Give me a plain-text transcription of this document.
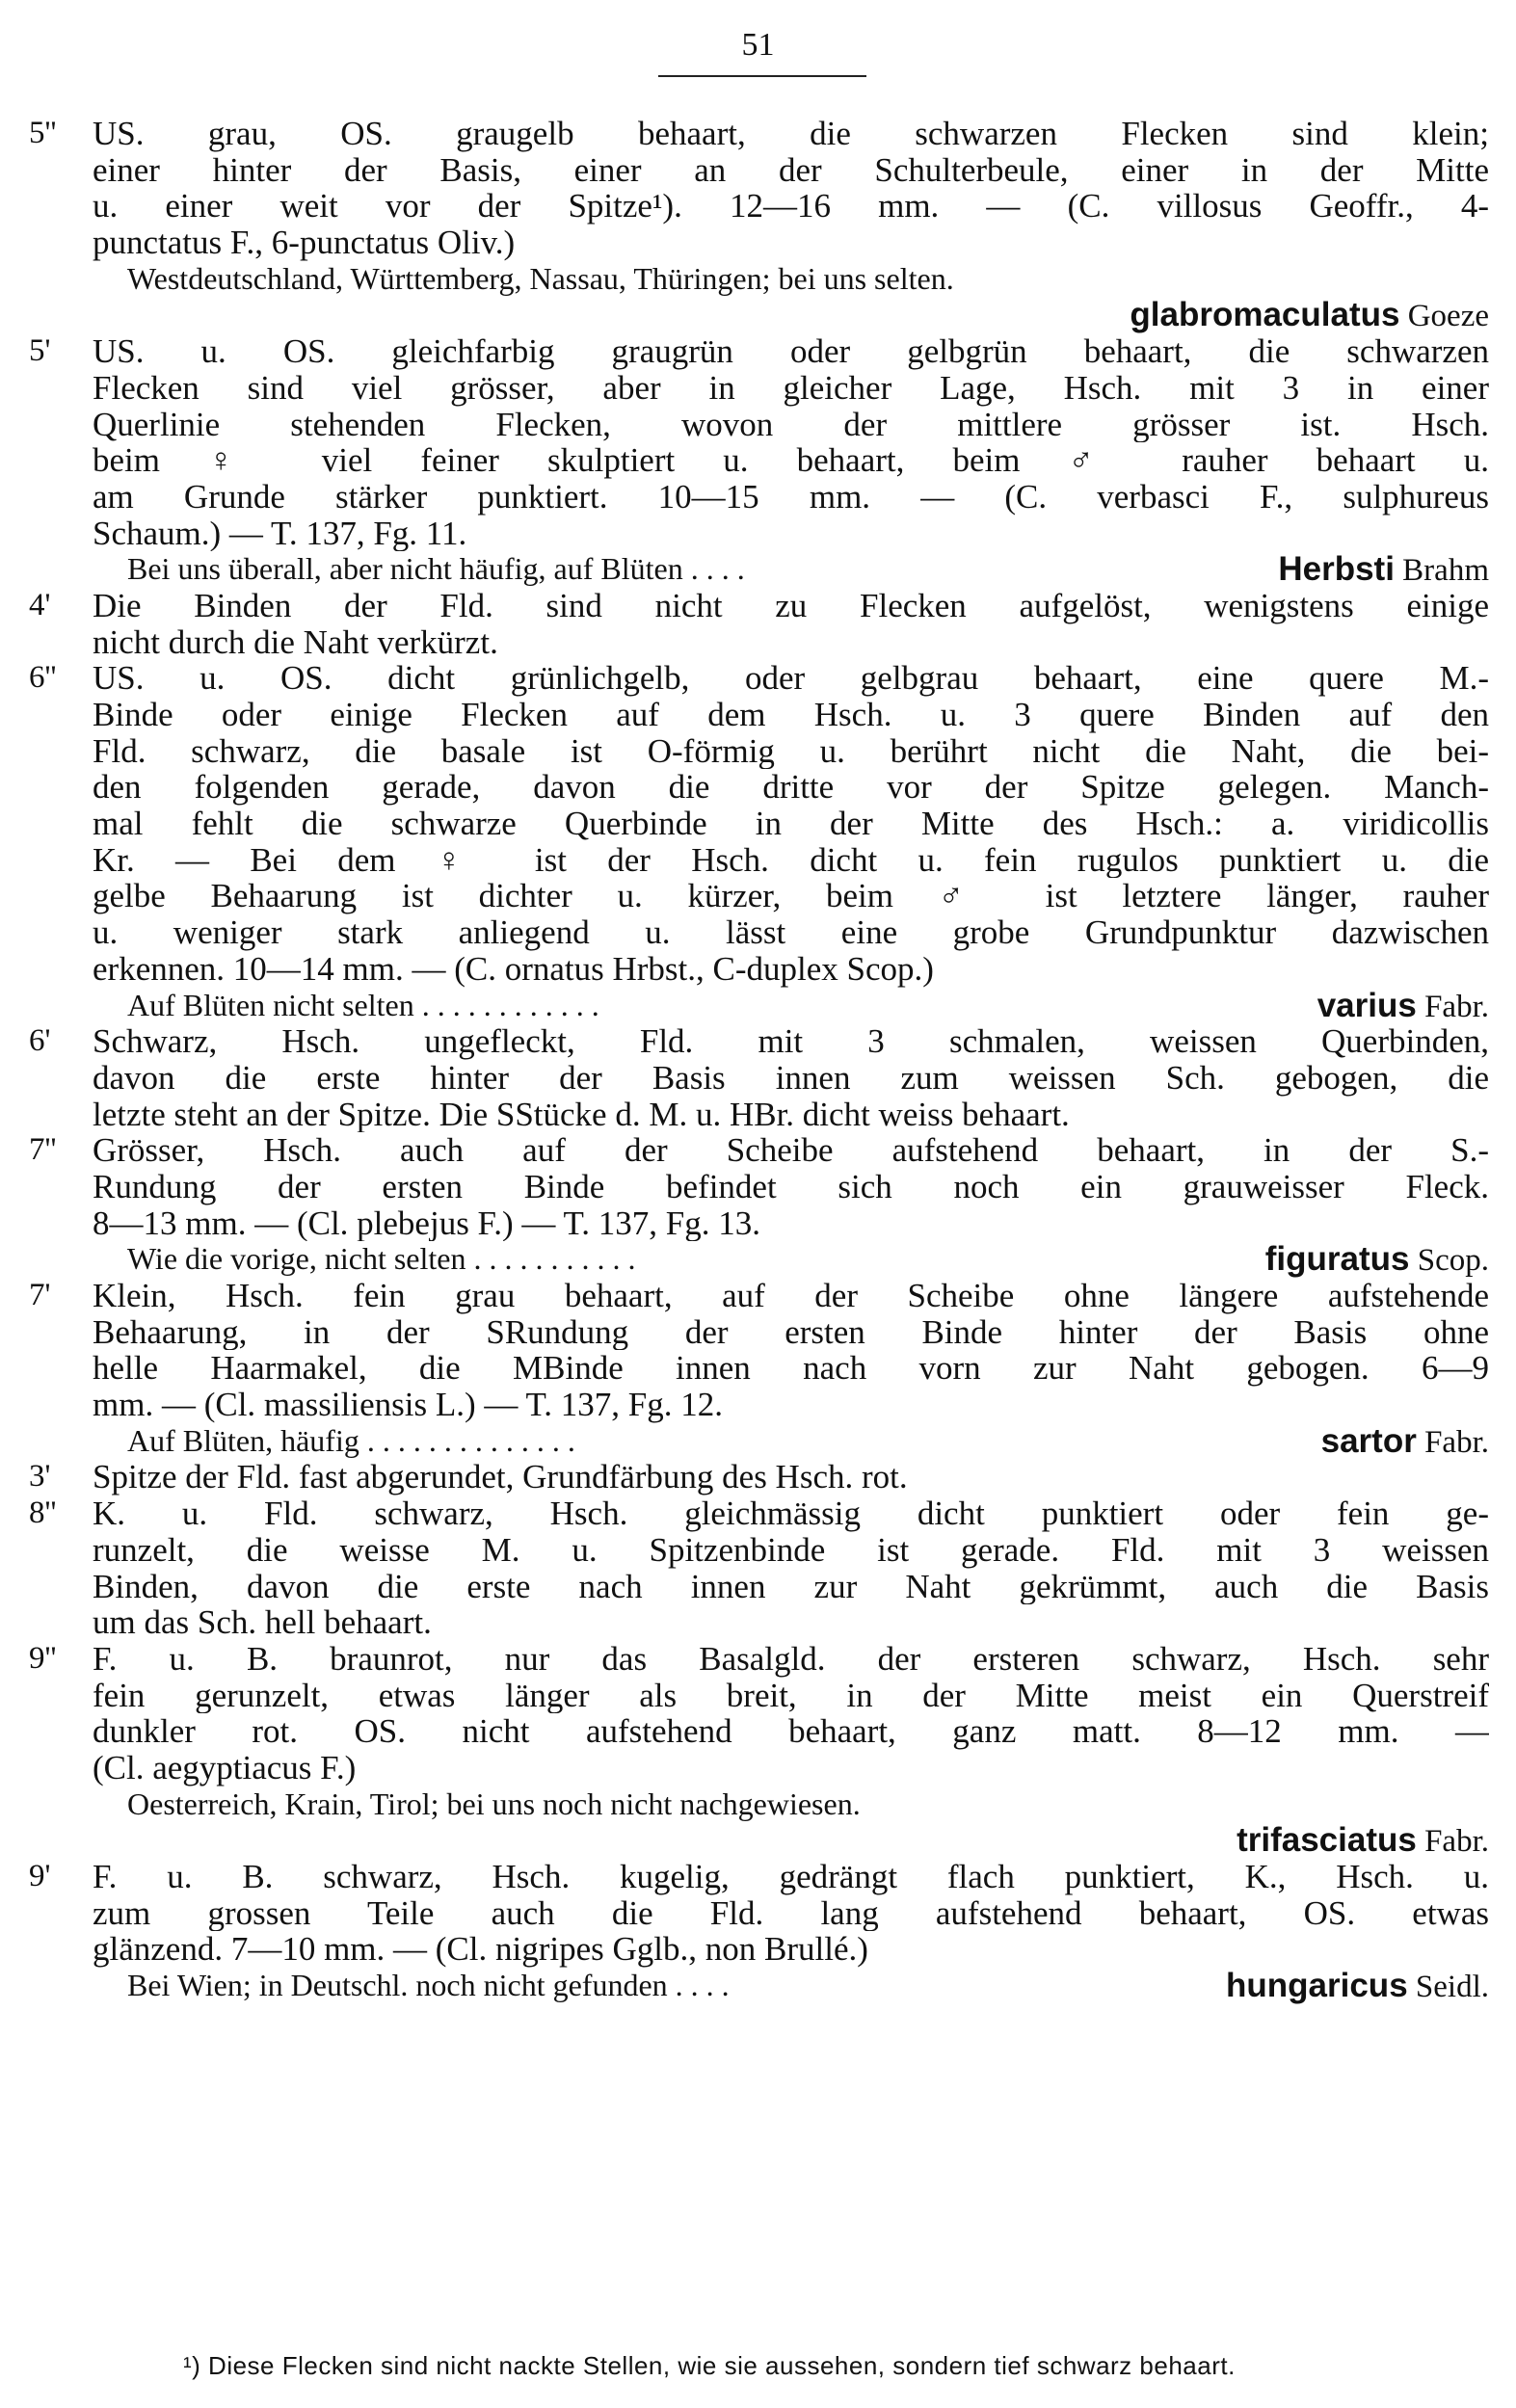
51
5''	US. grau, OS. graugelb behaart, die schwarzen Flecken sind klein;
einer hinter der Basis, einer an der Schulterbeule, einer in der Mitte
u. einer weit vor der Spitze¹). 12—16 mm. — (C. villosus Geoffr., 4-
punctatus F., 6-punctatus Oliv.)
Westdeutschland, Württemberg, Nassau, Thüringen; bei uns selten.
glabromaculatus Goeze
5'	US. u. OS. gleichfarbig graugrün oder gelbgrün behaart, die schwarzen
Flecken sind viel grösser, aber in gleicher Lage, Hsch. mit 3 in einer
Querlinie stehenden Flecken, wovon der mittlere grösser ist. Hsch.
beim ♀ viel feiner skulptiert u. behaart, beim ♂ rauher behaart u.
am Grunde stärker punktiert. 10—15 mm. — (C. verbasci F., sulphureus
Schaum.) — T. 137, Fg. 11.
Bei uns überall, aber nicht häufig, auf Blüten . . . .	Herbsti Brahm
4'	Die Binden der Fld. sind nicht zu Flecken aufgelöst, wenigstens einige
nicht durch die Naht verkürzt.
6''	US. u. OS. dicht grünlichgelb, oder gelbgrau behaart, eine quere M.-
Binde oder einige Flecken auf dem Hsch. u. 3 quere Binden auf den
Fld. schwarz, die basale ist O-förmig u. berührt nicht die Naht, die bei-
den folgenden gerade, davon die dritte vor der Spitze gelegen. Manch-
mal fehlt die schwarze Querbinde in der Mitte des Hsch.: a. viridicollis
Kr. — Bei dem ♀ ist der Hsch. dicht u. fein rugulos punktiert u. die
gelbe Behaarung ist dichter u. kürzer, beim ♂ ist letztere länger, rauher
u. weniger stark anliegend u. lässt eine grobe Grundpunktur dazwischen
erkennen. 10—14 mm. — (C. ornatus Hrbst., C-duplex Scop.)
Auf Blüten nicht selten . . . . . . . . . . . .	varius Fabr.
6'	Schwarz, Hsch. ungefleckt, Fld. mit 3 schmalen, weissen Querbinden,
davon die erste hinter der Basis innen zum weissen Sch. gebogen, die
letzte steht an der Spitze. Die SStücke d. M. u. HBr. dicht weiss behaart.
7''	Grösser, Hsch. auch auf der Scheibe aufstehend behaart, in der S.-
Rundung der ersten Binde befindet sich noch ein grauweisser Fleck.
8—13 mm. — (Cl. plebejus F.) — T. 137, Fg. 13.
Wie die vorige, nicht selten . . . . . . . . . . .	figuratus Scop.
7'	Klein, Hsch. fein grau behaart, auf der Scheibe ohne längere aufstehende
Behaarung, in der SRundung der ersten Binde hinter der Basis ohne
helle Haarmakel, die MBinde innen nach vorn zur Naht gebogen. 6—9
mm. — (Cl. massiliensis L.) — T. 137, Fg. 12.
Auf Blüten, häufig . . . . . . . . . . . . . .	sartor Fabr.
3'	Spitze der Fld. fast abgerundet, Grundfärbung des Hsch. rot.
8''	K. u. Fld. schwarz, Hsch. gleichmässig dicht punktiert oder fein ge-
runzelt, die weisse M. u. Spitzenbinde ist gerade. Fld. mit 3 weissen
Binden, davon die erste nach innen zur Naht gekrümmt, auch die Basis
um das Sch. hell behaart.
9''	F. u. B. braunrot, nur das Basalgld. der ersteren schwarz, Hsch. sehr
fein gerunzelt, etwas länger als breit, in der Mitte meist ein Querstreif
dunkler rot. OS. nicht aufstehend behaart, ganz matt. 8—12 mm. —
(Cl. aegyptiacus F.)
Oesterreich, Krain, Tirol; bei uns noch nicht nachgewiesen.
trifasciatus Fabr.
9'	F. u. B. schwarz, Hsch. kugelig, gedrängt flach punktiert, K., Hsch. u.
zum grossen Teile auch die Fld. lang aufstehend behaart, OS. etwas
glänzend. 7—10 mm. — (Cl. nigripes Gglb., non Brullé.)
Bei Wien; in Deutschl. noch nicht gefunden . . . .	hungaricus Seidl.
¹) Diese Flecken sind nicht nackte Stellen, wie sie aussehen, sondern tief schwarz behaart.
